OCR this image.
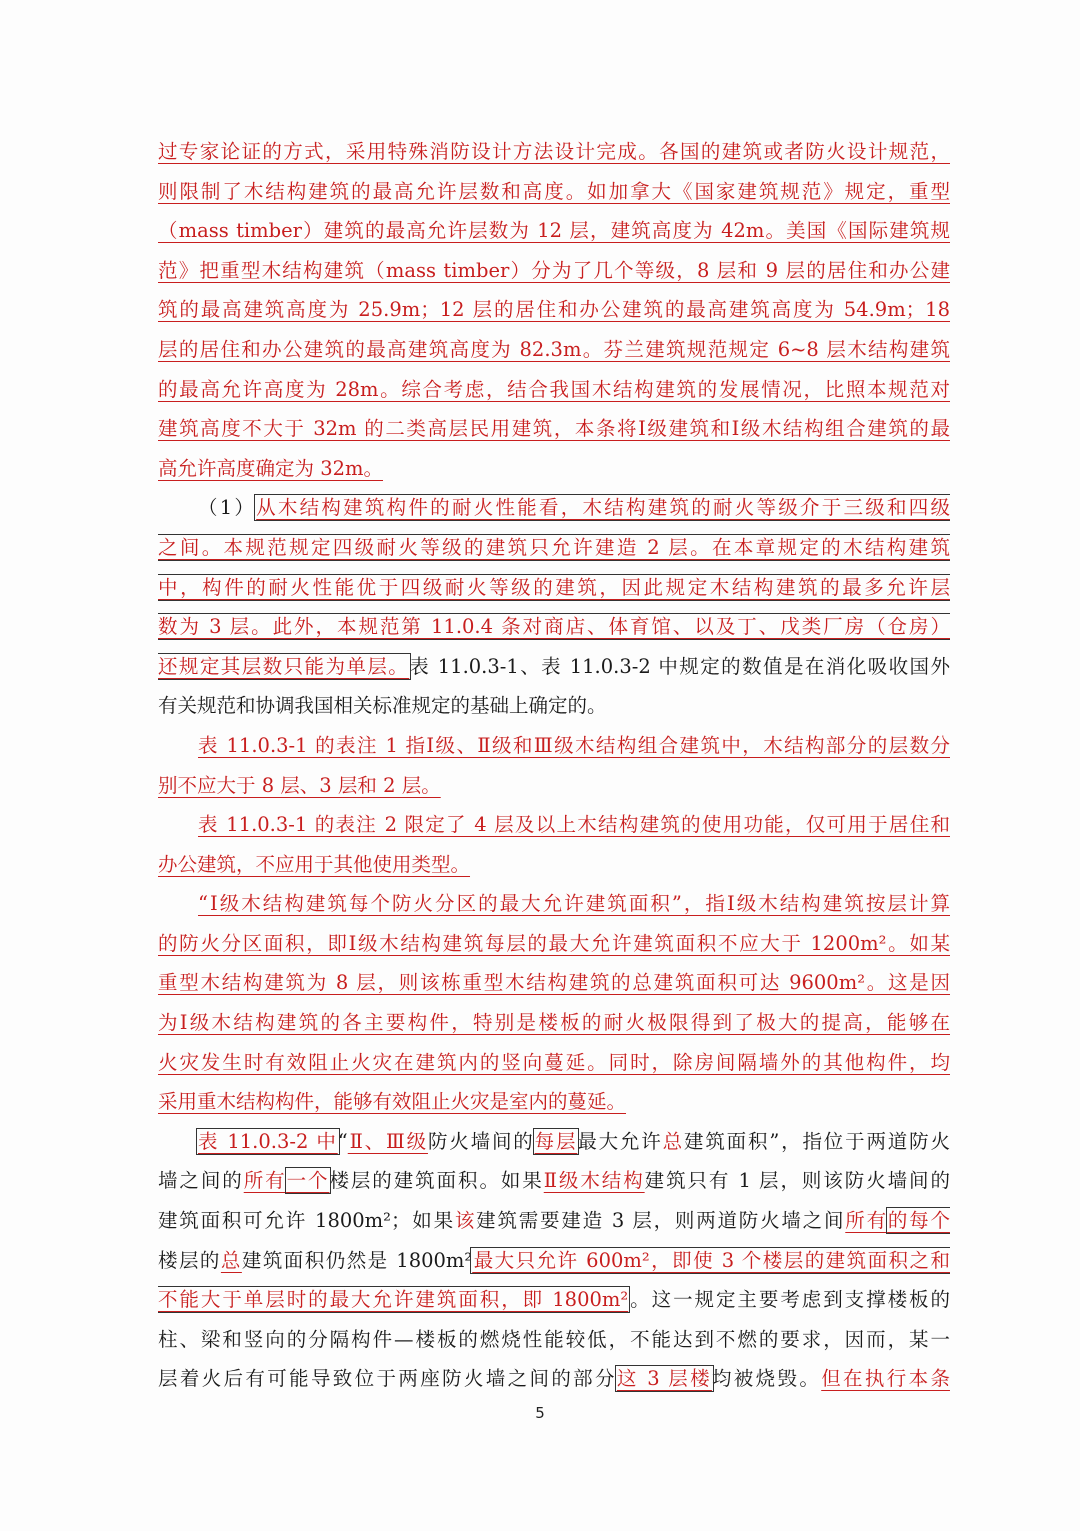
过专家论证的方式，采用特殊消防设计方法设计完成。各国的建筑或者防火设计规范，
则限制了木结构建筑的最高允许层数和高度。如加拿大《国家建筑规范》规定，重型
（mass timber）建筑的最高允许层数为 12 层，建筑高度为 42m。美国《国际建筑规
范》把重型木结构建筑（mass timber）分为了几个等级，8 层和 9 层的居住和办公建
筑的最高建筑高度为 25.9m；12 层的居住和办公建筑的最高建筑高度为 54.9m；18
层的居住和办公建筑的最高建筑高度为 82.3m。芬兰建筑规范规定 6~8 层木结构建筑
的最高允许高度为 28m。综合考虑，结合我国木结构建筑的发展情况，比照本规范对
建筑高度不大于 32m 的二类高层民用建筑，本条将Ⅰ级建筑和Ⅰ级木结构组合建筑的最
高允许高度确定为 32m。
（1）从木结构建筑构件的耐火性能看，木结构建筑的耐火等级介于三级和四级
之间。本规范规定四级耐火等级的建筑只允许建造 2 层。在本章规定的木结构建筑
中，构件的耐火性能优于四级耐火等级的建筑，因此规定木结构建筑的最多允许层
数为 3 层。此外，本规范第 11.0.4 条对商店、体育馆、以及丁、戊类厂房（仓房）
还规定其层数只能为单层。表 11.0.3-1、表 11.0.3-2 中规定的数值是在消化吸收国外
有关规范和协调我国相关标准规定的基础上确定的。
表 11.0.3-1 的表注 1 指Ⅰ级、Ⅱ级和Ⅲ级木结构组合建筑中，木结构部分的层数分
别不应大于 8 层、3 层和 2 层。
表 11.0.3-1 的表注 2 限定了 4 层及以上木结构建筑的使用功能，仅可用于居住和
办公建筑，不应用于其他使用类型。
“Ⅰ级木结构建筑每个防火分区的最大允许建筑面积”，指Ⅰ级木结构建筑按层计算
的防火分区面积，即Ⅰ级木结构建筑每层的最大允许建筑面积不应大于 1200m²。如某
重型木结构建筑为 8 层，则该栋重型木结构建筑的总建筑面积可达 9600m²。这是因
为Ⅰ级木结构建筑的各主要构件，特别是楼板的耐火极限得到了极大的提高，能够在
火灾发生时有效阻止火灾在建筑内的竖向蔓延。同时，除房间隔墙外的其他构件，均
采用重木结构构件，能够有效阻止火灾是室内的蔓延。
表 11.0.3-2 中“Ⅱ、Ⅲ级防火墙间的每层最大允许总建筑面积”，指位于两道防火
墙之间的所有一个楼层的建筑面积。如果Ⅱ级木结构建筑只有 1 层，则该防火墙间的
建筑面积可允许 1800m²；如果该建筑需要建造 3 层，则两道防火墙之间所有的每个
楼层的总建筑面积仍然是 1800m²最大只允许 600m²，即使 3 个楼层的建筑面积之和
不能大于单层时的最大允许建筑面积，即 1800m²。这一规定主要考虑到支撑楼板的
柱、梁和竖向的分隔构件—楼板的燃烧性能较低，不能达到不燃的要求，因而，某一
层着火后有可能导致位于两座防火墙之间的部分这 3 层楼均被烧毁。但在执行本条
5
